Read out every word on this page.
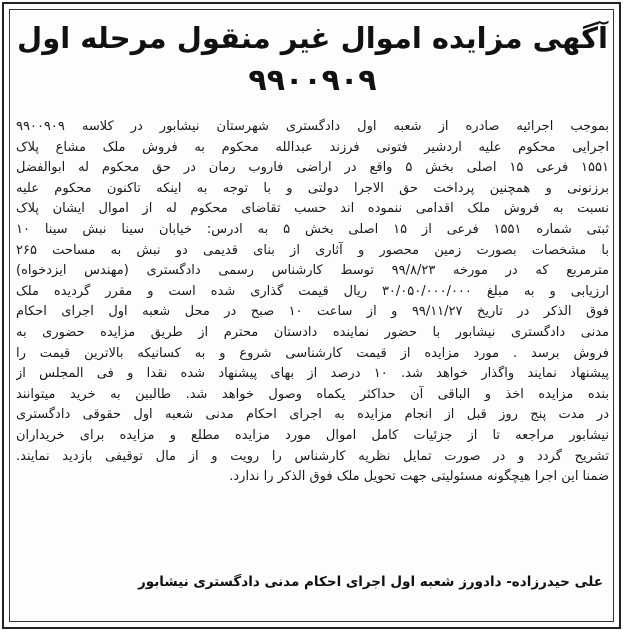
آگهی مزایده اموال غیر منقول مرحله اول
۹۹۰۰۹۰۹
بموجب اجرائیه صادره از شعبه اول دادگستری شهرستان نیشابور در کلاسه ۹۹۰۰۹۰۹
اجرایی محکوم علیه اردشیر فتونی فرزند عبدالله محکوم به فروش ملک مشاع پلاک
۱۵۵۱ فرعی ۱۵ اصلی بخش ۵ واقع در اراضی فاروب رمان در حق محکوم له ابوالفضل
برزنونی و همچنین پرداخت حق الاجرا دولتی و با توجه به اینکه تاکنون محکوم علیه
نسبت به فروش ملک اقدامی ننموده اند حسب تقاضای محکوم له از اموال ایشان پلاک
ثبتی شماره ۱۵۵۱ فرعی از ۱۵ اصلی بخش ۵ به ادرس: خیابان سینا نبش سینا ۱۰
با مشخصات بصورت زمین محصور و آثاری از بنای قدیمی دو نبش به مساحت ۲۶۵
مترمربع که در مورخه ۹۹/۸/۲۳ توسط کارشناس رسمی دادگستری (مهندس ایزدخواه)
ارزیابی و به مبلغ ۳۰/۰۵۰/۰۰۰/۰۰۰ ریال قیمت گذاری شده است و مقرر گردیده ملک
فوق الذکر در تاریخ ۹۹/۱۱/۲۷ و از ساعت ۱۰ صبح در محل شعبه اول اجرای احکام
مدنی دادگستری نیشابور با حضور نماینده دادستان محترم از طریق مزایده حضوری به
فروش برسد . مورد مزایده از قیمت کارشناسی شروع و به کسانیکه بالاترین قیمت را
پیشنهاد نمایند واگذار خواهد شد. ۱۰ درصد از بهای پیشنهاد شده نقدا و فی المجلس از
بنده مزایده اخذ و الباقی آن حداکثر یکماه وصول خواهد شد. طالبین به خرید میتوانند
در مدت پنج روز قبل از انجام مزایده به اجرای احکام مدنی شعبه اول حقوقی دادگستری
نیشابور مراجعه تا از جزئیات کامل اموال مورد مزایده مطلع و مزایده برای خریداران
تشریح گردد و در صورت تمایل نظریه کارشناس را رویت و از مال توقیفی بازدید نمایند.
ضمنا این اجرا هیچگونه مسئولیتی جهت تحویل ملک فوق الذکر را ندارد.
علی حیدرزاده- دادورز شعبه اول اجرای احکام مدنی دادگستری نیشابور
